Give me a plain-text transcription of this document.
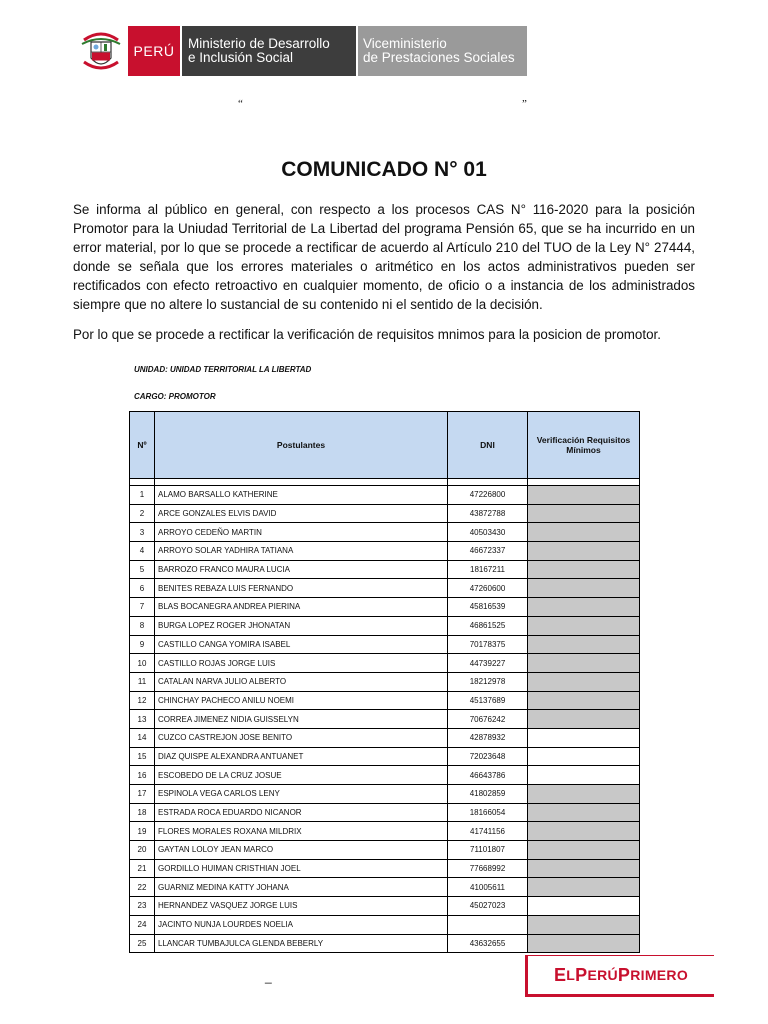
PERÚ Ministerio de Desarrollo
e Inclusión Social
Viceministerio
de Prestaciones Sociales
“	”
COMUNICADO N° 01

Se informa al público en general, con respecto a los procesos CAS N° 116-2020 para la posición Promotor para la Uniudad Territorial de La Libertad del programa Pensión 65, que se ha incurrido en un error material, por lo que se procede a rectificar de acuerdo al Artículo 210 del TUO de la Ley N° 27444, donde se señala que los errores materiales o aritmético en los actos administrativos pueden ser rectificados con efecto retroactivo en cualquier momento, de oficio o a instancia de los administrados siempre que no altere lo sustancial de su contenido ni el sentido de la decisión.

Por lo que se procede a rectificar la verificación de requisitos mnimos para la posicion de promotor.

UNIDAD: UNIDAD TERRITORIAL LA LIBERTAD
CARGO: PROMOTOR
Nº	Postulantes	DNI	Verificación Requisitos Mínimos

1	ALAMO BARSALLO KATHERINE	47226800	
2	ARCE GONZALES ELVIS DAVID	43872788	
3	ARROYO CEDEÑO MARTIN	40503430	
4	ARROYO SOLAR YADHIRA TATIANA	46672337	
5	BARROZO FRANCO MAURA LUCIA	18167211	
6	BENITES REBAZA LUIS FERNANDO	47260600	
7	BLAS BOCANEGRA ANDREA PIERINA	45816539	
8	BURGA LOPEZ ROGER JHONATAN	46861525	
9	CASTILLO CANGA YOMIRA ISABEL	70178375	
10	CASTILLO ROJAS JORGE LUIS	44739227	
11	CATALAN NARVA JULIO ALBERTO	18212978	
12	CHINCHAY PACHECO ANILU NOEMI	45137689	
13	CORREA JIMENEZ NIDIA GUISSELYN	70676242	
14	CUZCO CASTREJON JOSE BENITO	42878932	
15	DIAZ QUISPE ALEXANDRA ANTUANET	72023648	
16	ESCOBEDO DE LA CRUZ JOSUE	46643786	
17	ESPINOLA VEGA CARLOS LENY	41802859	
18	ESTRADA ROCA EDUARDO NICANOR	18166054	
19	FLORES MORALES ROXANA MILDRIX	41741156	
20	GAYTAN LOLOY JEAN MARCO	71101807	
21	GORDILLO HUIMAN CRISTHIAN JOEL	77668992	
22	GUARNIZ MEDINA KATTY JOHANA	41005611	
23	HERNANDEZ VASQUEZ JORGE LUIS	45027023	
24	JACINTO NUNJA LOURDES NOELIA		
25	LLANCAR TUMBAJULCA GLENDA BEBERLY	43632655	
_	E L P ERÚ P RIMERO
